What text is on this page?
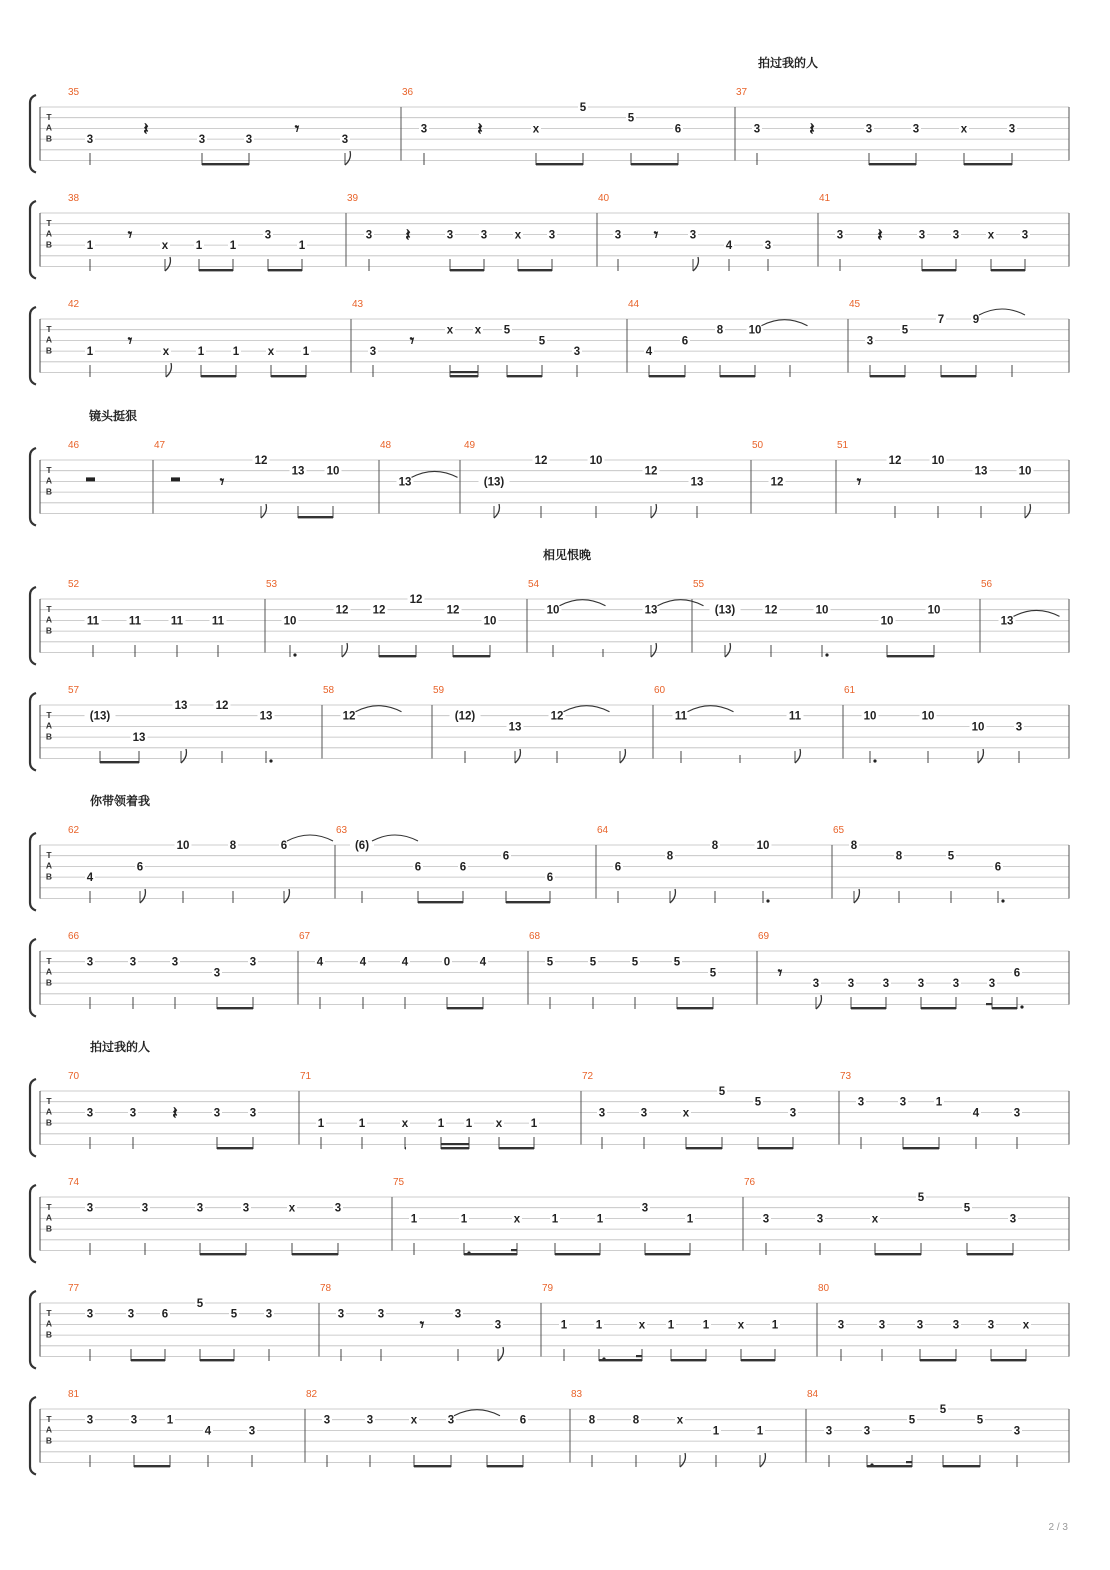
拍过我的人
T
A
B
35
3
𝄽
3	3
𝄾
3
36
3	𝄽	x
5
5
6
37
3	𝄽	3	3	x	3
T
A
B
38
1
𝄾
x 1 1
3
1
39
3 𝄽	3 3 x 3
40
3 𝄾	3
4	3
41
3 𝄽	3 3 x 3
T
A
B
42
1
𝄾
x 1 1 x 1
43
3
𝄾
x x 5
5
3
44
4
6
8 10
45
3
5
7 9
镜头挺狠
T
A
B
46	47
𝄾
12
13 10
48
13
49
(13)
12	10
12
13
50
12
51
𝄾
12	10
13	10
相见恨晚
T
A
B
52
11	11	11	11
53
10
12 12
12
12
10
54
10	13
55
(13)	12	10
10
10
56
13
T
A
B
57
(13)
13
13 12
13
58
12
59
(12)
13
12
60
11	11
61
10	10
10	3
你带领着我
T
A
B
62
4
6
10	8	6
63
(6)
6	6
6
6
64
6
8
8	10
65
8
8	5
6
T
A
B
66
3	3	3
3
3
67
4	4	4	0	4
68
5	5	5	5
5
69
𝄾
3 3 3 3 3	3
6
拍过我的人
T
A
B
70
3	3 𝄽	3	3
71
1	1	x	1 1 x 1
72
3	3	x
5
5
3
73
3	3	1
4	3
T
A
B
74
3	3	3	3	x	3
75
1	1	x	1	1
3
1
76
3	3	x
5
5
3
T
A
B
77
3	3 6
5
5 3
78
3	3
𝄾
3
3
79
1 1	x 1 1 x 1
80
3	3	3	3 3 x
T
A
B
81
3	3	1
4	3
82
3	3	x	3	6
83
8	8	x
1	1
84
3	3
5
5
5
3
2 / 3
